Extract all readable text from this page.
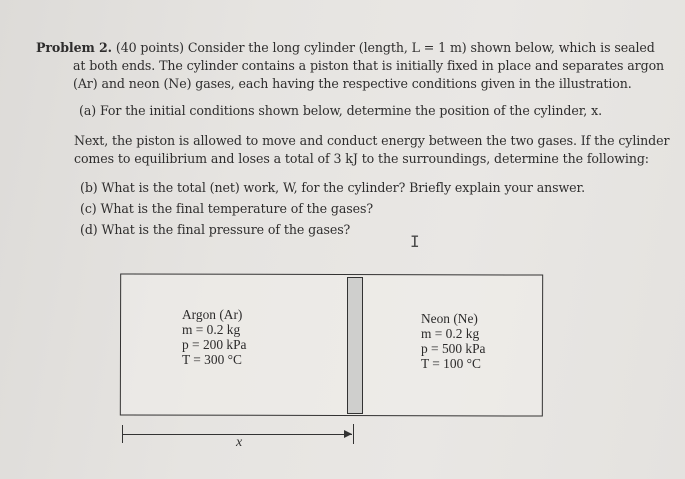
Problem 2. (40 points) Consider the long cylinder (length, L = 1 m) shown below, which is sealed
at both ends. The cylinder contains a piston that is initially fixed in place and separates argon
(Ar) and neon (Ne) gases, each having the respective conditions given in the illustration.
(a) For the initial conditions shown below, determine the position of the cylinder, x.
Next, the piston is allowed to move and conduct energy between the two gases. If the cylinder
comes to equilibrium and loses a total of 3 kJ to the surroundings, determine the following:
(b) What is the total (net) work, W, for the cylinder? Briefly explain your answer.
(c) What is the final temperature of the gases?
(d) What is the final pressure of the gases?
I
Argon (Ar)
m = 0.2 kg
p = 200 kPa
T = 300 °C
Neon (Ne)
m = 0.2 kg
p = 500 kPa
T = 100 °C
x
